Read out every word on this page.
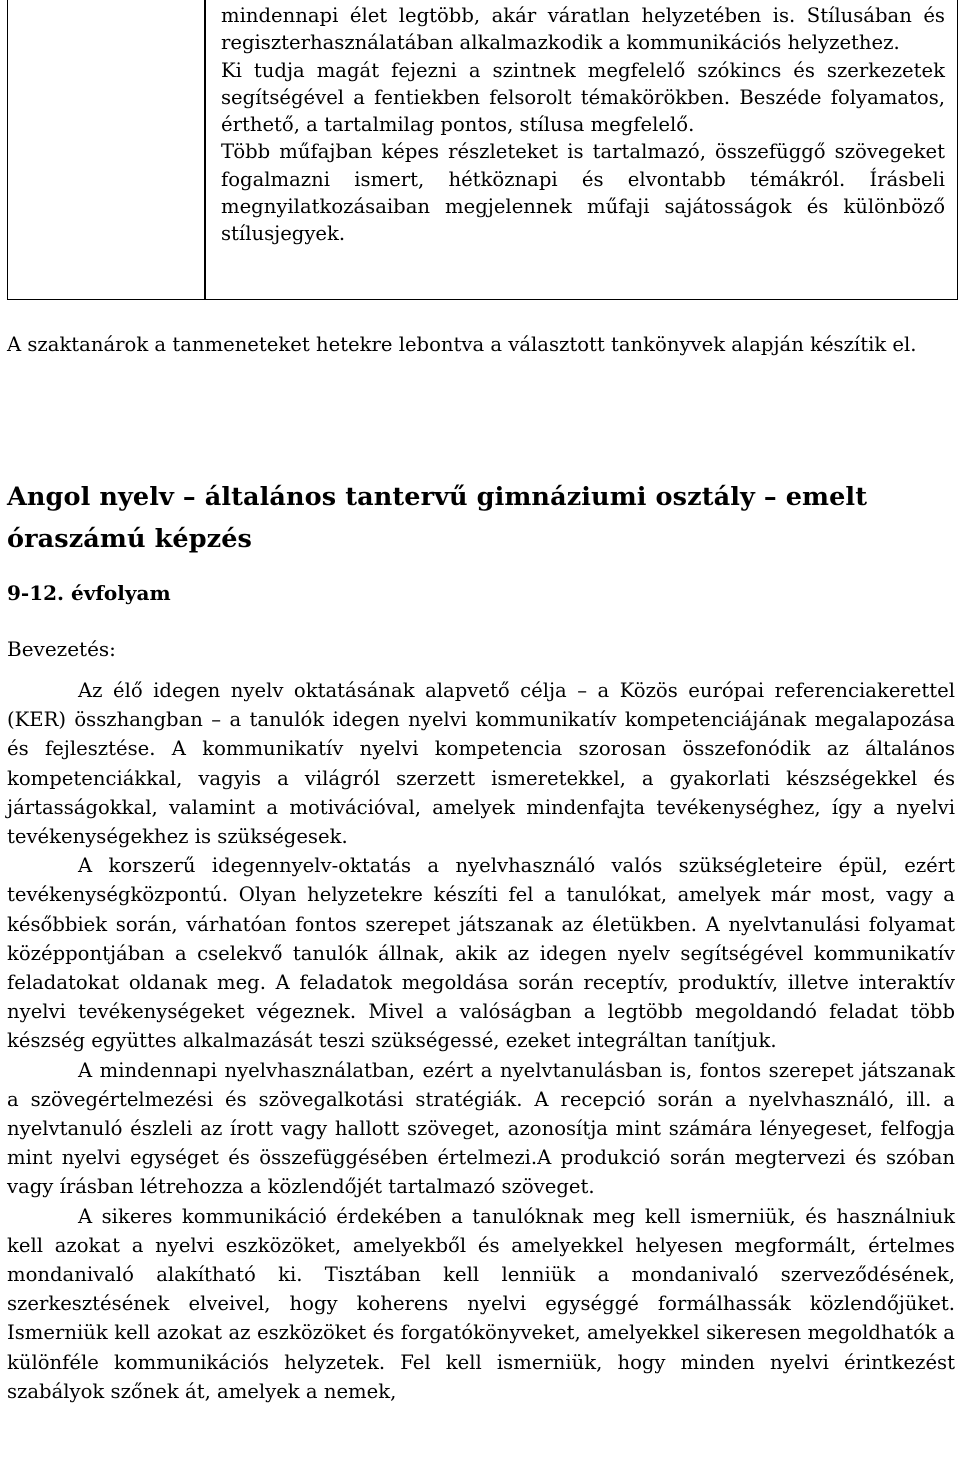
mindennapi élet legtöbb, akár váratlan helyzetében is. Stílusában és regiszterhasználatában alkalmazkodik a kommunikációs helyzethez.

Ki tudja magát fejezni a szintnek megfelelő szókincs és szerkezetek segítségével a fentiekben felsorolt témakörökben. Beszéde folyamatos, érthető, a tartalmilag pontos, stílusa megfelelő.

Több műfajban képes részleteket is tartalmazó, összefüggő szövegeket fogalmazni ismert, hétköznapi és elvontabb témákról. Írásbeli megnyilatkozásaiban megjelennek műfaji sajátosságok és különböző stílusjegyek.

A szaktanárok a tanmeneteket hetekre lebontva a választott tankönyvek alapján készítik el.

Angol nyelv – általános tantervű gimnáziumi osztály – emelt óraszámú képzés

9-12. évfolyam

Bevezetés:

Az élő idegen nyelv oktatásának alapvető célja – a Közös európai referenciakerettel (KER) összhangban – a tanulók idegen nyelvi kommunikatív kompetenciájának megalapozása és fejlesztése. A kommunikatív nyelvi kompetencia szorosan összefonódik az általános kompetenciákkal, vagyis a világról szerzett ismeretekkel, a gyakorlati készségekkel és jártasságokkal, valamint a motivációval, amelyek mindenfajta tevékenységhez, így a nyelvi tevékenységekhez is szükségesek.

A korszerű idegennyelv-oktatás a nyelvhasználó valós szükségleteire épül, ezért tevékenységközpontú. Olyan helyzetekre készíti fel a tanulókat, amelyek már most, vagy a későbbiek során, várhatóan fontos szerepet játszanak az életükben. A nyelvtanulási folyamat középpontjában a cselekvő tanulók állnak, akik az idegen nyelv segítségével kommunikatív feladatokat oldanak meg. A feladatok megoldása során receptív, produktív, illetve interaktív nyelvi tevékenységeket végeznek. Mivel a valóságban a legtöbb megoldandó feladat több készség együttes alkalmazását teszi szükségessé, ezeket integráltan tanítjuk.

A mindennapi nyelvhasználatban, ezért a nyelvtanulásban is, fontos szerepet játszanak a szövegértelmezési és szövegalkotási stratégiák. A recepció során a nyelvhasználó, ill. a nyelvtanuló észleli az írott vagy hallott szöveget, azonosítja mint számára lényegeset, felfogja mint nyelvi egységet és összefüggésében értelmezi.A produkció során megtervezi és szóban vagy írásban létrehozza a közlendőjét tartalmazó szöveget.

A sikeres kommunikáció érdekében a tanulóknak meg kell ismerniük, és használniuk kell azokat a nyelvi eszközöket, amelyekből és amelyekkel helyesen megformált, értelmes mondanivaló alakítható ki. Tisztában kell lenniük a mondanivaló szerveződésének, szerkesztésének elveivel, hogy koherens nyelvi egységgé formálhassák közlendőjüket. Ismerniük kell azokat az eszközöket és forgatókönyveket, amelyekkel sikeresen megoldhatók a különféle kommunikációs helyzetek. Fel kell ismerniük, hogy minden nyelvi érintkezést szabályok szőnek át, amelyek a nemek,
